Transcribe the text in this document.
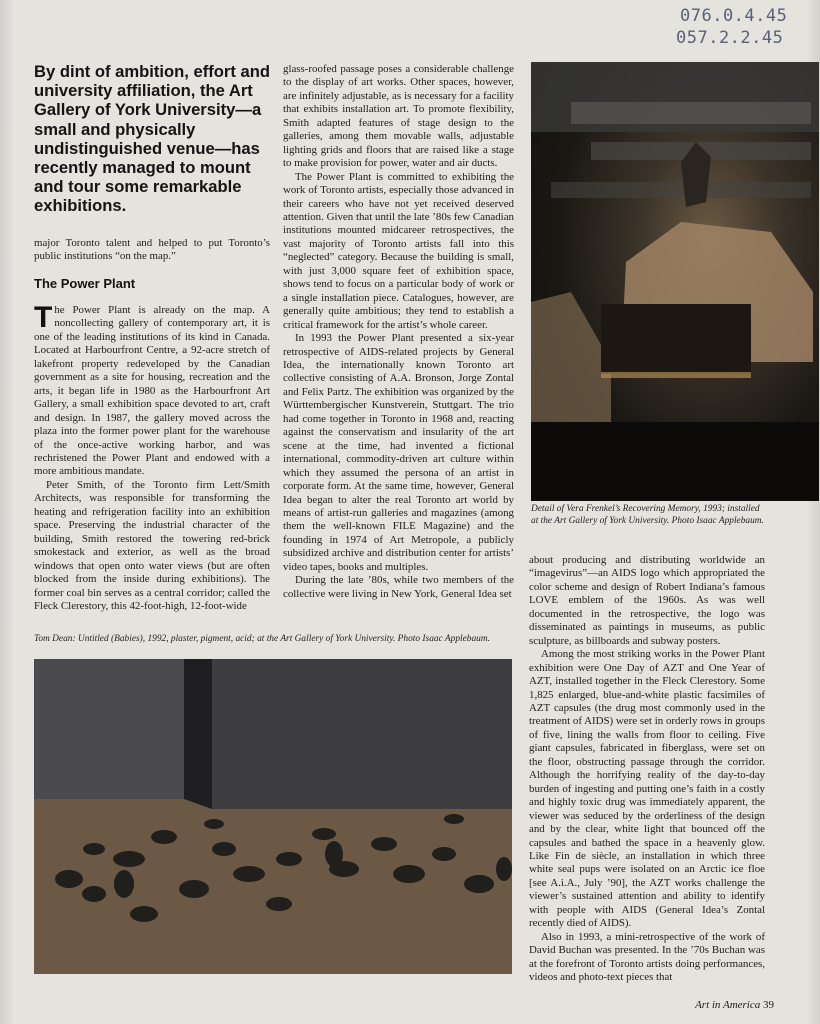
076.0.4.45
057.2.2.45
By dint of ambition, effort and university affiliation, the Art Gallery of York University—a small and physically undistinguished venue—has recently managed to mount and tour some remarkable exhibitions.

major Toronto talent and helped to put Toronto’s public institutions “on the map.”

The Power Plant

The Power Plant is already on the map. A noncollecting gallery of contemporary art, it is one of the leading institutions of its kind in Canada. Located at Harbourfront Centre, a 92-acre stretch of lakefront property redeveloped by the Canadian government as a site for housing, recreation and the arts, it began life in 1980 as the Harbourfront Art Gallery, a small exhibition space devoted to art, craft and design. In 1987, the gallery moved across the plaza into the former power plant for the warehouse of the once-active working harbor, and was rechristened the Power Plant and endowed with a more ambitious mandate.

Peter Smith, of the Toronto firm Lett/Smith Architects, was responsible for transforming the heating and refrigeration facility into an exhibition space. Preserving the industrial character of the building, Smith restored the towering red-brick smokestack and exterior, as well as the broad windows that open onto water views (but are often blocked from the inside during exhibitions). The former coal bin serves as a central corridor; called the Fleck Clerestory, this 42-foot-high, 12-foot-wide

glass-roofed passage poses a considerable challenge to the display of art works. Other spaces, however, are infinitely adjustable, as is necessary for a facility that exhibits installation art. To promote flexibility, Smith adapted features of stage design to the galleries, among them movable walls, adjustable lighting grids and floors that are raised like a stage to make provision for power, water and air ducts.

The Power Plant is committed to exhibiting the work of Toronto artists, especially those advanced in their careers who have not yet received deserved attention. Given that until the late ’80s few Canadian institutions mounted midcareer retrospectives, the vast majority of Toronto artists fall into this “neglected” category. Because the building is small, with just 3,000 square feet of exhibition space, shows tend to focus on a particular body of work or a single installation piece. Catalogues, however, are generally quite ambitious; they tend to establish a critical framework for the artist’s whole career.

In 1993 the Power Plant presented a six-year retrospective of AIDS-related projects by General Idea, the internationally known Toronto art collective consisting of A.A. Bronson, Jorge Zontal and Felix Partz. The exhibition was organized by the Württembergischer Kunstverein, Stuttgart. The trio had come together in Toronto in 1968 and, reacting against the conservatism and insularity of the art scene at the time, had invented a fictional international, commodity-driven art culture within which they assumed the persona of an artist in corporate form. At the same time, however, General Idea began to alter the real Toronto art world by means of artist-run galleries and magazines (among them the well-known FILE Magazine) and the founding in 1974 of Art Metropole, a publicly subsidized archive and distribution center for artists’ video tapes, books and multiples.

During the late ’80s, while two members of the collective were living in New York, General Idea set

Detail of Vera Frenkel’s Recovering Memory, 1993; installed at the Art Gallery of York University. Photo Isaac Applebaum.
Tom Dean: Untitled (Babies), 1992, plaster, pigment, acid; at the Art Gallery of York University. Photo Isaac Applebaum.

about producing and distributing worldwide an “imagevirus”—an AIDS logo which appropriated the color scheme and design of Robert Indiana’s famous LOVE emblem of the 1960s. As was well documented in the retrospective, the logo was disseminated as paintings in museums, as public sculpture, as billboards and subway posters.

Among the most striking works in the Power Plant exhibition were One Day of AZT and One Year of AZT, installed together in the Fleck Clerestory. Some 1,825 enlarged, blue-and-white plastic facsimiles of AZT capsules (the drug most commonly used in the treatment of AIDS) were set in orderly rows in groups of five, lining the walls from floor to ceiling. Five giant capsules, fabricated in fiberglass, were set on the floor, obstructing passage through the corridor. Although the horrifying reality of the day-to-day burden of ingesting and putting one’s faith in a costly and highly toxic drug was immediately apparent, the viewer was seduced by the orderliness of the design and by the clear, white light that bounced off the capsules and bathed the space in a heavenly glow. Like Fin de siècle, an installation in which three white seal pups were isolated on an Arctic ice floe [see A.i.A., July ’90], the AZT works challenge the viewer’s sustained attention and ability to identify with people with AIDS (General Idea’s Zontal recently died of AIDS).

Also in 1993, a mini-retrospective of the work of David Buchan was presented. In the ’70s Buchan was at the forefront of Toronto artists doing performances, videos and photo-text pieces that

Art in America 39
